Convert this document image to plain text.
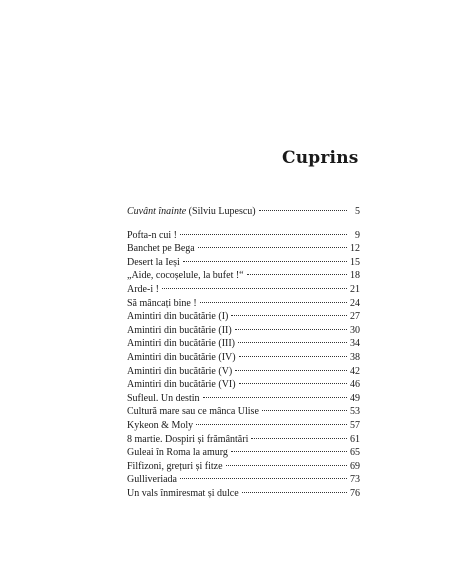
Cuprins
Cuvânt înainte (Silviu Lupescu)	5
Pofta-n cui !	9
Banchet pe Bega	12
Desert la Ieși	15
„Aide, cocoșelule, la bufet !“	18
Arde-i !	21
Să mâncați bine !	24
Amintiri din bucătărie (I)	27
Amintiri din bucătărie (II)	30
Amintiri din bucătărie (III)	34
Amintiri din bucătărie (IV)	38
Amintiri din bucătărie (V)	42
Amintiri din bucătărie (VI)	46
Sufleul. Un destin	49
Cultură mare sau ce mânca Ulise	53
Kykeon & Moly	57
8 martie. Dospiri și frământări	61
Guleai în Roma la amurg	65
Filfizoni, grețuri și fitze	69
Gulliveriada	73
Un vals înmiresmat și dulce	76
